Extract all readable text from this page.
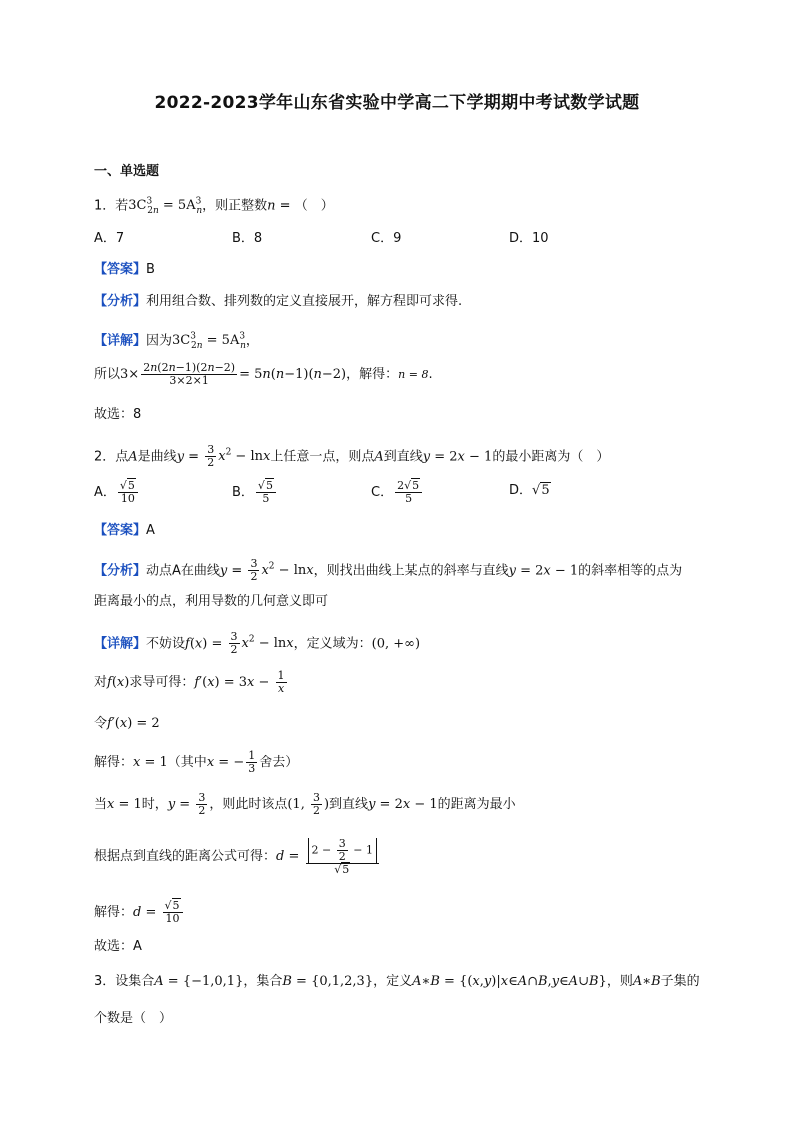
2022-2023学年山东省实验中学高二下学期期中考试数学试题
一、单选题
1．若$3C^3_{2n} = 5A^3_n$，则正整数n = （　）
A．7	B．8	C．9	D．10
【答案】B
【分析】利用组合数、排列数的定义直接展开，解方程即可求得.
【详解】因为$3C^3_{2n} = 5A^3_n$，
所以$3\times \frac{2n(2n-1)(2n-2)}{3\times 2\times 1} = 5n(n-1)(n-2)$，解得：n = 8.
故选：8
2．点A是曲线$y = \frac{3}{2} x^2 - \ln x$上任意一点，则点A到直线y = 2x − 1的最小距离为（　）
A． $\frac{√5}{10}$	B． $\frac{√5}{5}$	C． $\frac{2√5}{5}$	D．√5
【答案】A
【分析】动点A在曲线$y = \frac{3}{2} x^2 - \ln x$，则找出曲线上某点的斜率与直线y = 2x − 1的斜率相等的点为
距离最小的点，利用导数的几何意义即可
【详解】不妨设$f(x) = \frac{3}{2} x^2 - \ln x$，定义域为：(0, +∞)
对f(x)求导可得：$f'(x) = 3x - \frac{1}{x}$
令f′(x) = 2
解得：x = 1（其中x = − $\frac{1}{3}$ 舍去）
当x = 1时，$y = \frac{3}{2}$ ，则此时该点(1, $\frac{3}{2}$ )到直线y = 2x − 1的距离为最小
根据点到直线的距离公式可得：$d = \frac{2 - \frac{3}{2} - 1}{√5}$
解得：$d = \frac{√5}{10}$
故选：A
3．设集合A = {−1,0,1}，集合B = {0,1,2,3}，定义A∗B = {(x,y)|x∈A∩B,y∈A∪B}，则A∗B子集的
个数是（　）
